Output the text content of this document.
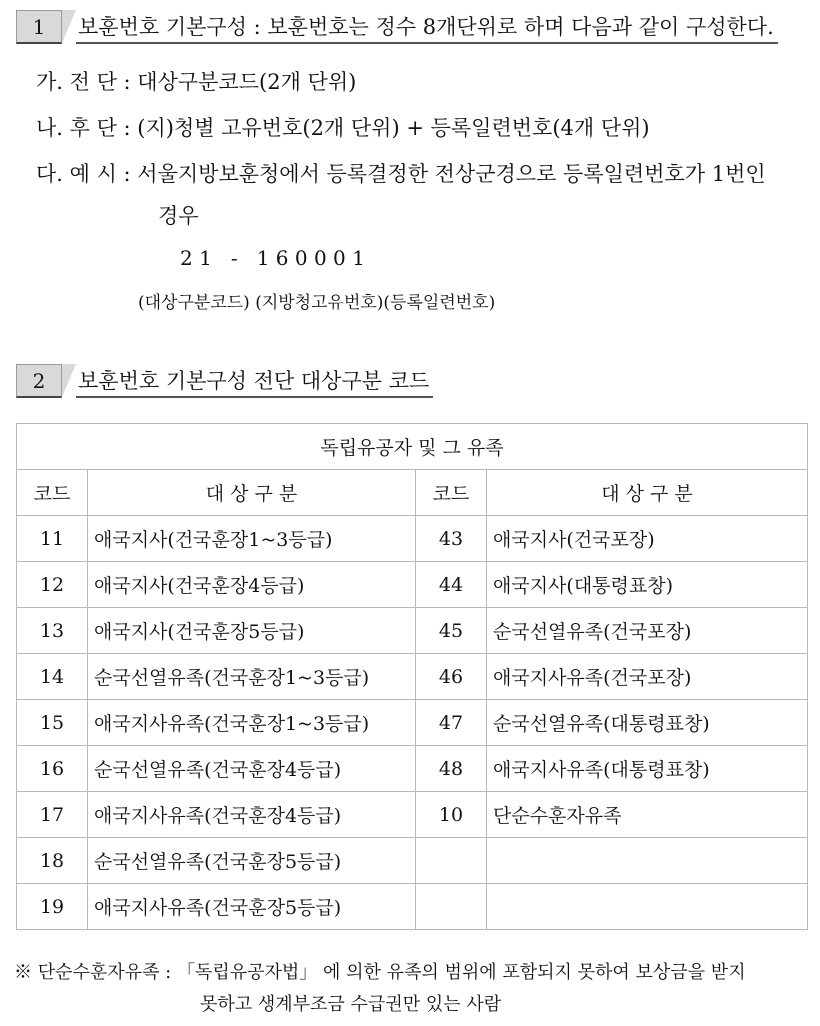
1	보훈번호 기본구성 : 보훈번호는 정수 8개단위로 하며 다음과 같이 구성한다.
가. 전 단 : 대상구분코드(2개 단위)
나. 후 단 : (지)청별 고유번호(2개 단위) + 등록일련번호(4개 단위)
다. 예 시 : 서울지방보훈청에서 등록결정한 전상군경으로 등록일련번호가 1번인
경우
2 1   -   1 6 0 0 0 1
(대상구분코드) (지방청고유번호)(등록일련번호)
2	보훈번호 기본구성 전단 대상구분 코드
독립유공자 및 그 유족			
코드	대 상 구 분	코드	대 상 구 분
11	애국지사(건국훈장1~3등급)	43	애국지사(건국포장)
12	애국지사(건국훈장4등급)	44	애국지사(대통령표창)
13	애국지사(건국훈장5등급)	45	순국선열유족(건국포장)
14	순국선열유족(건국훈장1~3등급)	46	애국지사유족(건국포장)
15	애국지사유족(건국훈장1~3등급)	47	순국선열유족(대통령표창)
16	순국선열유족(건국훈장4등급)	48	애국지사유족(대통령표창)
17	애국지사유족(건국훈장4등급)	10	단순수훈자유족
18	순국선열유족(건국훈장5등급)		
19	애국지사유족(건국훈장5등급)		
※ 단순수훈자유족 : 「독립유공자법」 에 의한 유족의 범위에 포함되지 못하여 보상금을 받지
못하고 생계부조금 수급권만 있는 사람
